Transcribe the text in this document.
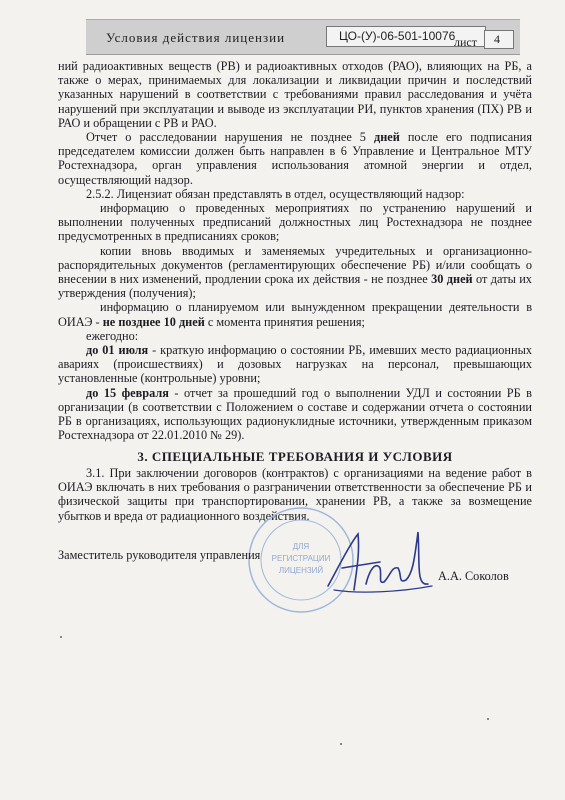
Условия действия лицензии	ЦО-(У)-06-501-10076
лист 4

ний радиоактивных веществ (РВ) и радиоактивных отходов (РАО), влияющих на РБ, а также о мерах, принимаемых для локализации и ликвидации причин и последствий указанных нарушений в соответствии с требованиями правил расследования и учёта нарушений при эксплуатации и выводе из эксплуатации РИ, пунктов хранения (ПХ) РВ и РАО и обращении с РВ и РАО.

Отчет о расследовании нарушения не позднее 5 дней после его подписания председателем комиссии должен быть направлен в 6 Управление и Центральное МТУ Ростехнадзора, орган управления использования атомной энергии и отдел, осуществляющий надзор.

2.5.2. Лицензиат обязан представлять в отдел, осуществляющий надзор:

информацию о проведенных мероприятиях по устранению нарушений и выполнении полученных предписаний должностных лиц Ростехнадзора не позднее предусмотренных в предписаниях сроков;

копии вновь вводимых и заменяемых учредительных и организационно-распорядительных документов (регламентирующих обеспечение РБ) и/или сообщать о внесении в них изменений, продлении срока их действия - не позднее 30 дней от даты их утверждения (получения);

информацию о планируемом или вынужденном прекращении деятельности в ОИАЭ - не позднее 10 дней с момента принятия решения;

ежегодно:

до 01 июля - краткую информацию о состоянии РБ, имевших место радиационных авариях (происшествиях) и дозовых нагрузках на персонал, превышающих установленные (контрольные) уровни;

до 15 февраля - отчет за прошедший год о выполнении УДЛ и состоянии РБ в организации (в соответствии с Положением о составе и содержании отчета о состоянии РБ в организациях, использующих радионуклидные источники, утвержденным приказом Ростехнадзора от 22.01.2010 № 29).

3. СПЕЦИАЛЬНЫЕ ТРЕБОВАНИЯ И УСЛОВИЯ

3.1. При заключении договоров (контрактов) с организациями на ведение работ в ОИАЭ включать в них требования о разграничении ответственности за обеспечение РБ и физической защиты при транспортировании, хранении РВ, а также за возмещение убытков и вреда от радиационного воздействия.

ДЛЯ
РЕГИСТРАЦИИ
ЛИЦЕНЗИЙ
Заместитель руководителя управления
А.А. Соколов
